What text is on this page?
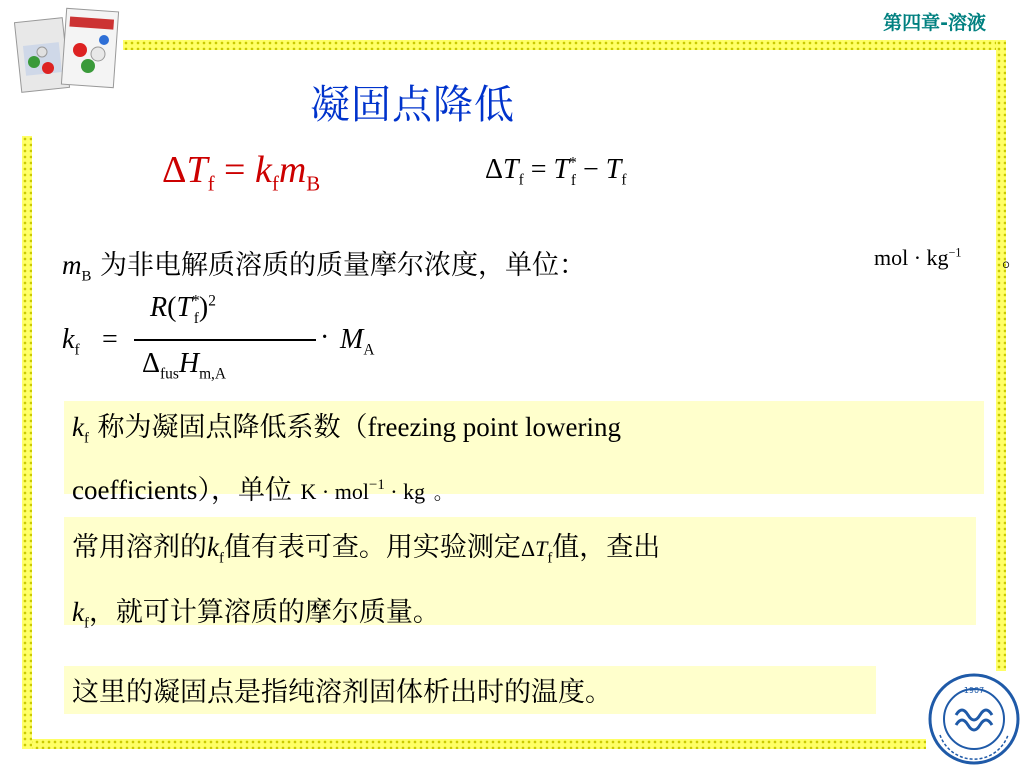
第四章-溶液
凝固点降低
$\Delta T_f = k_fm_B$	$\Delta T_f = T^*_f - T_f$
$m_B$ 为非电解质溶质的质量摩尔浓度，单位：	mol · $kg^{-1}$ 。
$k_f$ =
$R(T^*_f)^2$
$\Delta_{fus}H_{m,A}$
· $M_A$
$k_f$ 称为凝固点降低系数（freezing point lowering
coefficients），单位 K · mol$^{-1}$ · kg 。
常用溶剂的$k_f$值有表可查。用实验测定$\Delta T_f$值，查出
$k_f$，就可计算溶质的摩尔质量。
这里的凝固点是指纯溶剂固体析出时的温度。	1907
